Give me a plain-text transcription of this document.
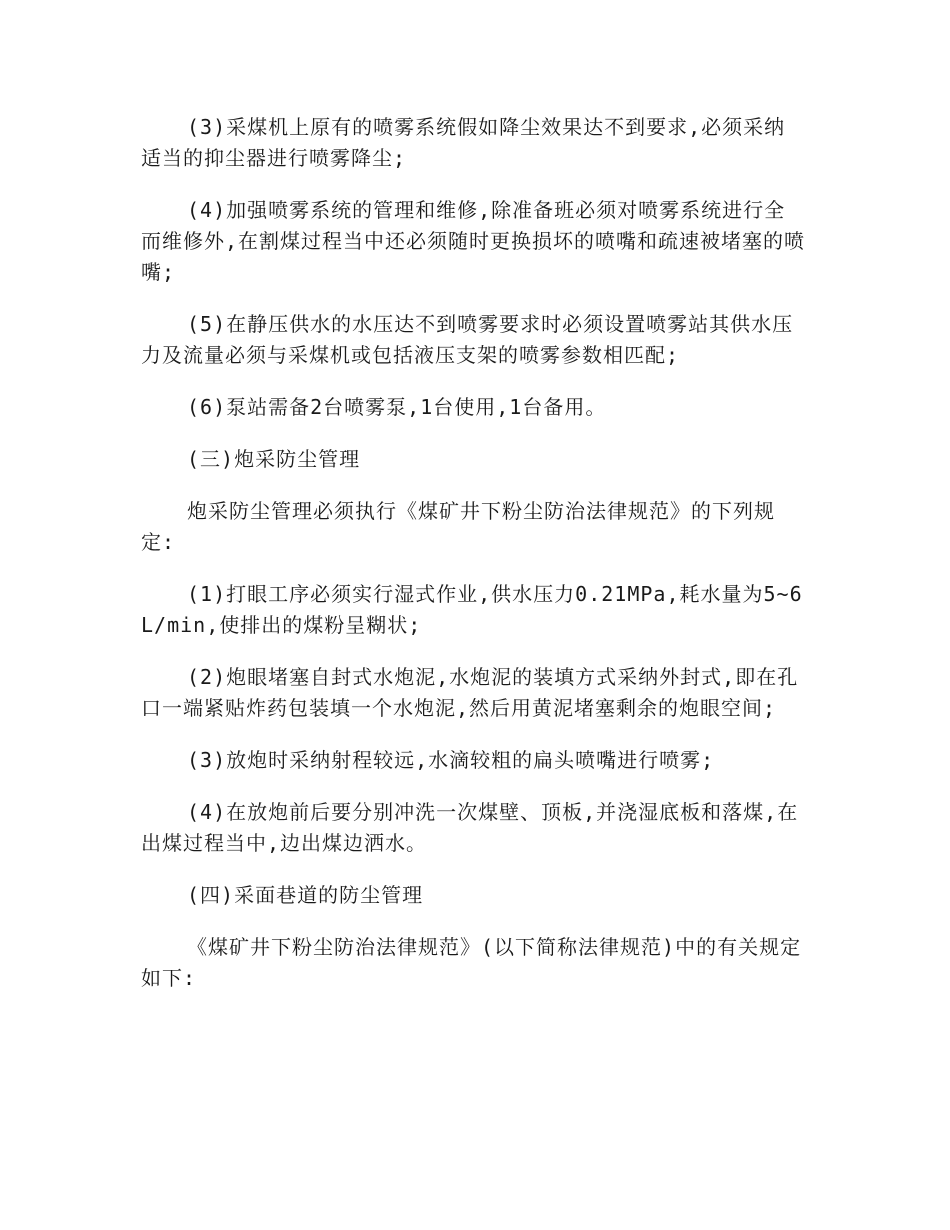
(3)采煤机上原有的喷雾系统假如降尘效果达不到要求,必须采纳适当的抑尘器进行喷雾降尘;

(4)加强喷雾系统的管理和维修,除准备班必须对喷雾系统进行全而维修外,在割煤过程当中还必须随时更换损坏的喷嘴和疏速被堵塞的喷嘴;

(5)在静压供水的水压达不到喷雾要求时必须设置喷雾站其供水压力及流量必须与采煤机或包括液压支架的喷雾参数相匹配;

(6)泵站需备2台喷雾泵,1台使用,1台备用。

(三)炮采防尘管理

炮采防尘管理必须执行《煤矿井下粉尘防治法律规范》的下列规定:

(1)打眼工序必须实行湿式作业,供水压力0.21MPa,耗水量为5~6L/min,使排出的煤粉呈糊状;

(2)炮眼堵塞自封式水炮泥,水炮泥的装填方式采纳外封式,即在孔口一端紧贴炸药包装填一个水炮泥,然后用黄泥堵塞剩余的炮眼空间;

(3)放炮时采纳射程较远,水滴较粗的扁头喷嘴进行喷雾;

(4)在放炮前后要分别冲洗一次煤壁、顶板,并浇湿底板和落煤,在出煤过程当中,边出煤边洒水。

(四)采面巷道的防尘管理

《煤矿井下粉尘防治法律规范》(以下简称法律规范)中的有关规定如下:
